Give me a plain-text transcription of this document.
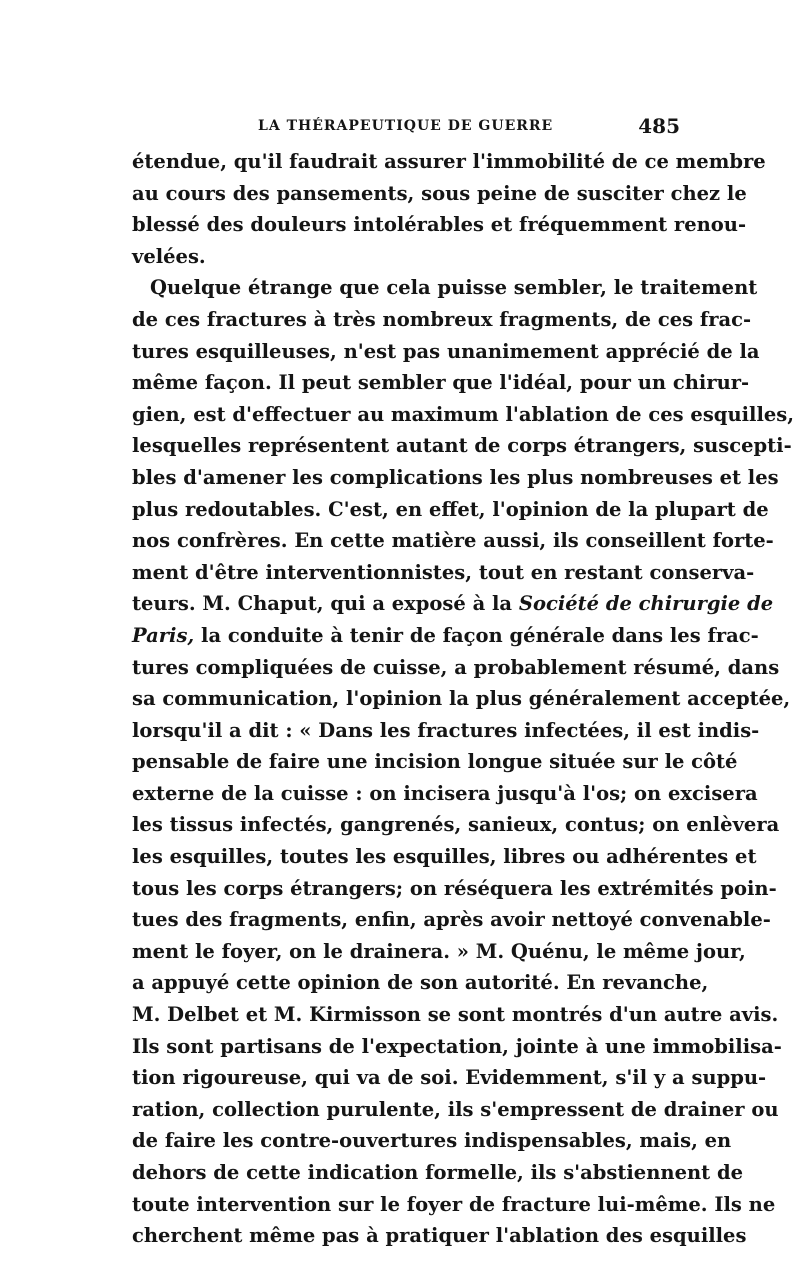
LA THÉRAPEUTIQUE DE GUERRE	485
étendue, qu'il faudrait assurer l'immobilité de ce membre
au cours des pansements, sous peine de susciter chez le
blessé des douleurs intolérables et fréquemment renou-
velées.
Quelque étrange que cela puisse sembler, le traitement
de ces fractures à très nombreux fragments, de ces frac-
tures esquilleuses, n'est pas unanimement apprécié de la
même façon. Il peut sembler que l'idéal, pour un chirur-
gien, est d'effectuer au maximum l'ablation de ces esquilles,
lesquelles représentent autant de corps étrangers, suscepti-
bles d'amener les complications les plus nombreuses et les
plus redoutables. C'est, en effet, l'opinion de la plupart de
nos confrères. En cette matière aussi, ils conseillent forte-
ment d'être interventionnistes, tout en restant conserva-
teurs. M. Chaput, qui a exposé à la Société de chirurgie de
Paris, la conduite à tenir de façon générale dans les frac-
tures compliquées de cuisse, a probablement résumé, dans
sa communication, l'opinion la plus généralement acceptée,
lorsqu'il a dit : « Dans les fractures infectées, il est indis-
pensable de faire une incision longue située sur le côté
externe de la cuisse : on incisera jusqu'à l'os; on excisera
les tissus infectés, gangrenés, sanieux, contus; on enlèvera
les esquilles, toutes les esquilles, libres ou adhérentes et
tous les corps étrangers; on réséquera les extrémités poin-
tues des fragments, enfin, après avoir nettoyé convenable-
ment le foyer, on le drainera. » M. Quénu, le même jour,
a appuyé cette opinion de son autorité. En revanche,
M. Delbet et M. Kirmisson se sont montrés d'un autre avis.
Ils sont partisans de l'expectation, jointe à une immobilisa-
tion rigoureuse, qui va de soi. Evidemment, s'il y a suppu-
ration, collection purulente, ils s'empressent de drainer ou
de faire les contre-ouvertures indispensables, mais, en
dehors de cette indication formelle, ils s'abstiennent de
toute intervention sur le foyer de fracture lui-même. Ils ne
cherchent même pas à pratiquer l'ablation des esquilles
